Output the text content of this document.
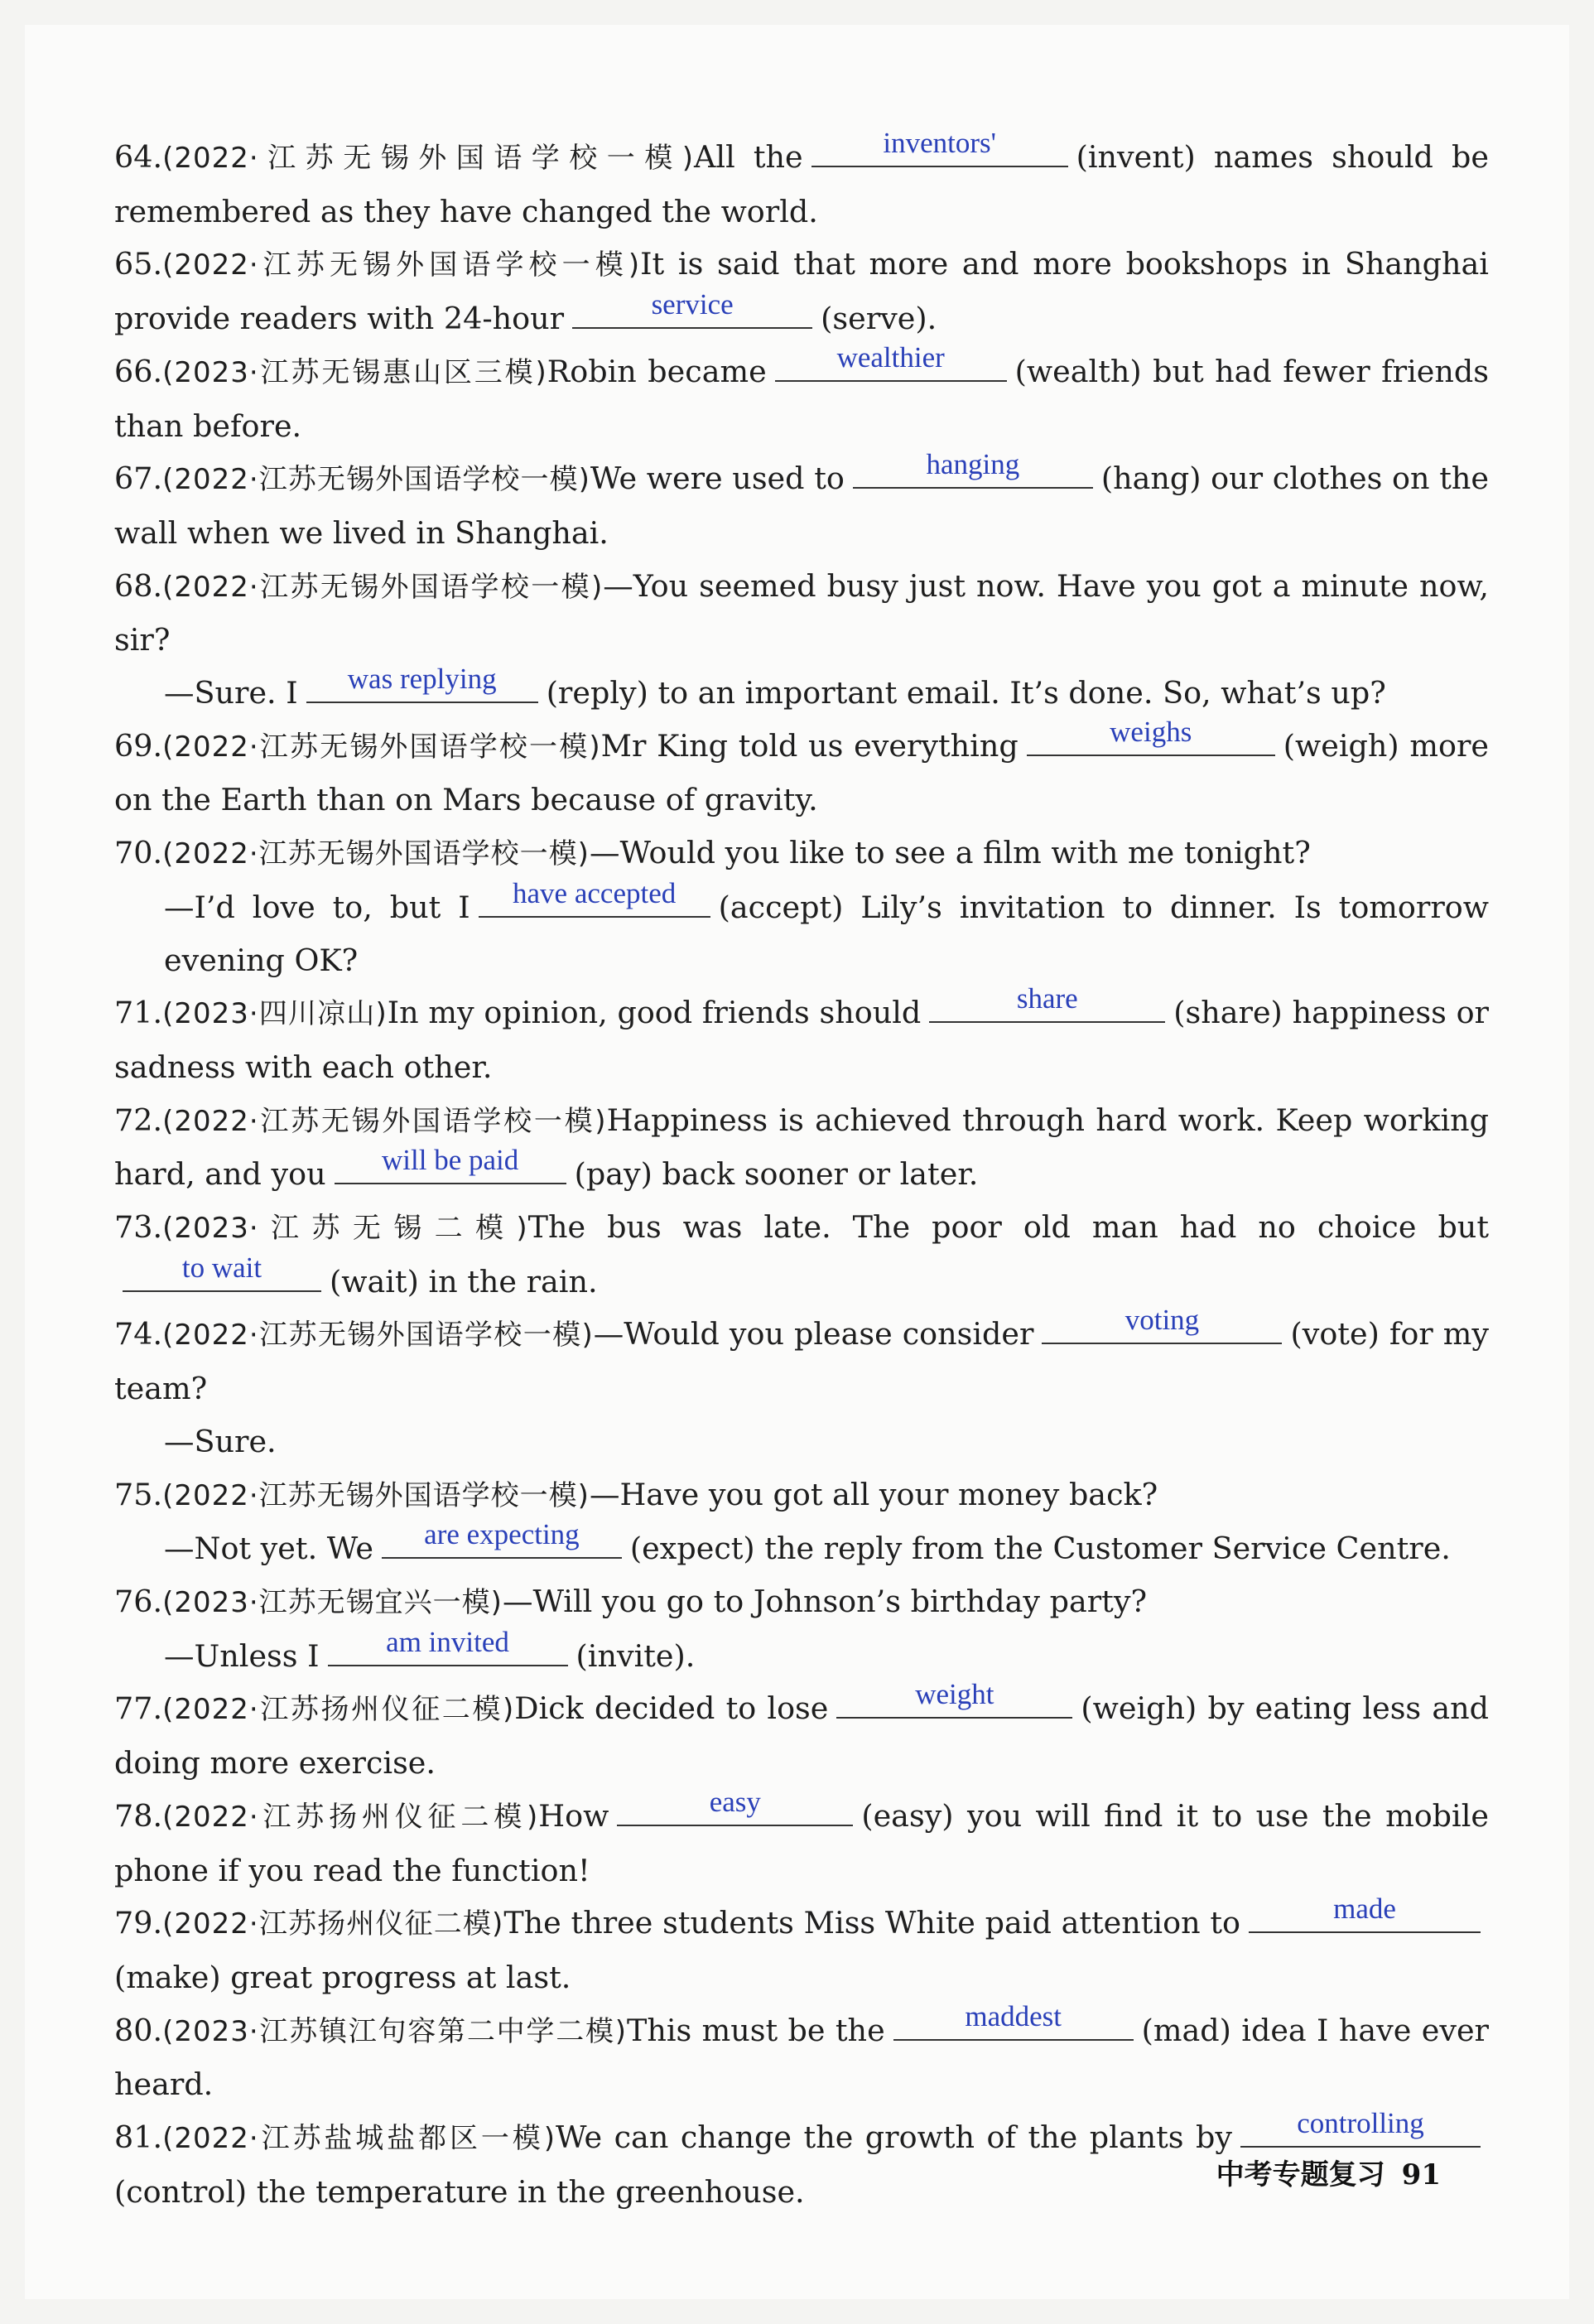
64.(2022·江苏无锡外国语学校一模)All the	inventors'	(invent) names should be remembered as they have changed the world.

65.(2022·江苏无锡外国语学校一模)It is said that more and more bookshops in Shanghai provide readers with 24-hour	service	(serve).

66.(2023·江苏无锡惠山区三模)Robin became	wealthier	(wealth) but had fewer friends than before.

67.(2022·江苏无锡外国语学校一模)We were used to	hanging	(hang) our clothes on the wall when we lived in Shanghai.

68.(2022·江苏无锡外国语学校一模)—You seemed busy just now. Have you got a minute now, sir?

—Sure. I	was replying	(reply) to an important email. It’s done. So, what’s up?

69.(2022·江苏无锡外国语学校一模)Mr King told us everything	weighs	(weigh) more on the Earth than on Mars because of gravity.

70.(2022·江苏无锡外国语学校一模)—Would you like to see a film with me tonight?

—I’d love to, but I	have accepted	(accept) Lily’s invitation to dinner. Is tomorrow evening OK?

71.(2023·四川凉山)In my opinion, good friends should	share	(share) happiness or sadness with each other.

72.(2022·江苏无锡外国语学校一模)Happiness is achieved through hard work. Keep working hard, and you	will be paid	(pay) back sooner or later.

73.(2023·江苏无锡二模)The bus was late. The poor old man had no choice but
to wait	(wait) in the rain.

74.(2022·江苏无锡外国语学校一模)—Would you please consider	voting	(vote) for my team?

—Sure.

75.(2022·江苏无锡外国语学校一模)—Have you got all your money back?

—Not yet. We	are expecting	(expect) the reply from the Customer Service Centre.

76.(2023·江苏无锡宜兴一模)—Will you go to Johnson’s birthday party?

—Unless I	am invited	(invite).

77.(2022·江苏扬州仪征二模)Dick decided to lose	weight	(weigh) by eating less and doing more exercise.

78.(2022·江苏扬州仪征二模)How	easy	(easy) you will find it to use the mobile phone if you read the function!

79.(2022·江苏扬州仪征二模)The three students Miss White paid attention to	made
(make) great progress at last.

80.(2023·江苏镇江句容第二中学二模)This must be the	maddest	(mad) idea I have ever heard.

81.(2022·江苏盐城盐都区一模)We can change the growth of the plants by	controlling
(control) the temperature in the greenhouse.	中考专题复习 91
